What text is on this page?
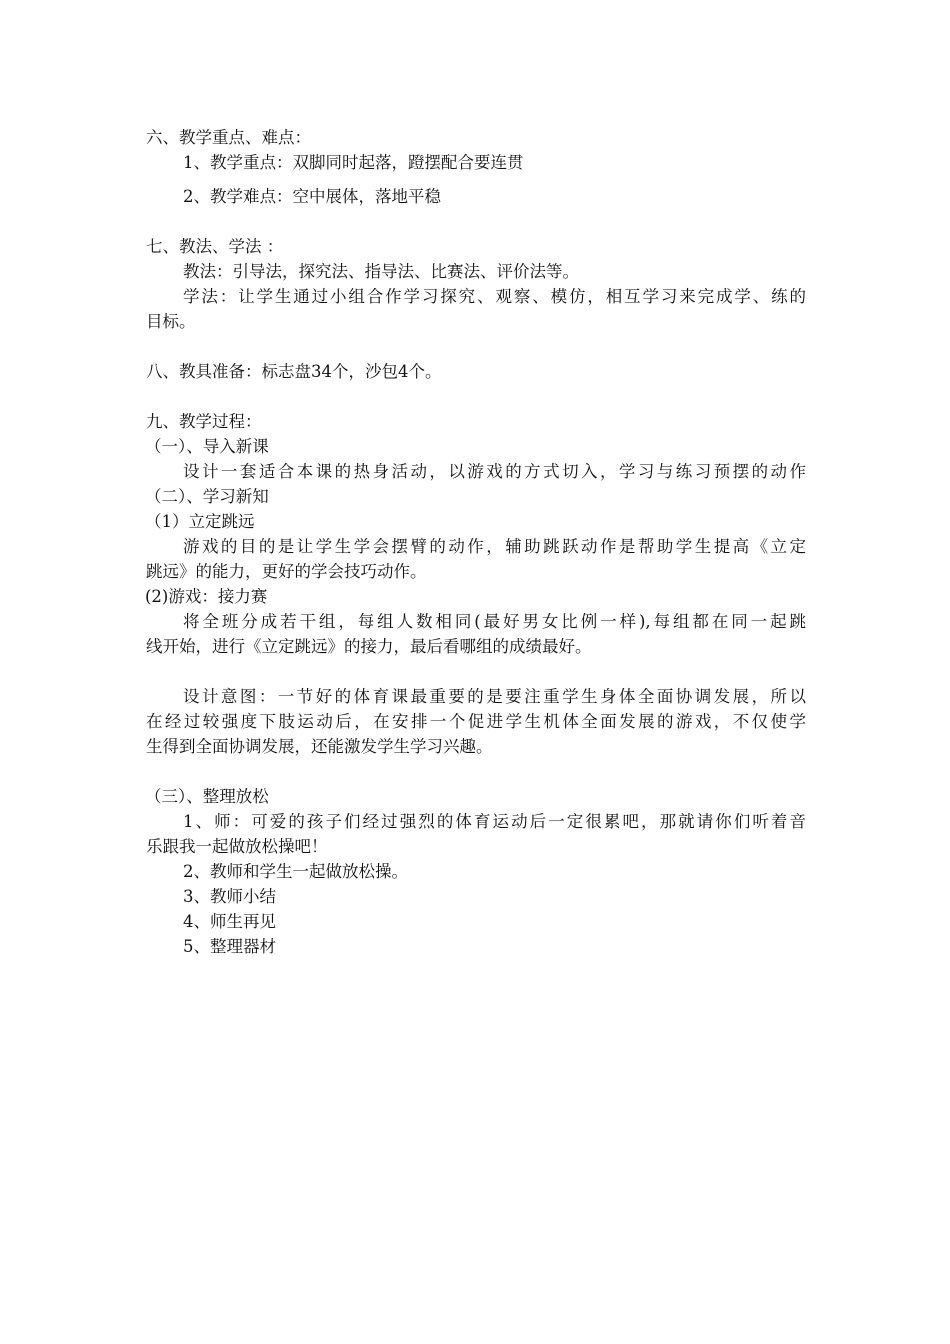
六、教学重点、难点：
1、教学重点：双脚同时起落，蹬摆配合要连贯
2、教学难点：空中展体，落地平稳
七、教法、学法 ：
教法：引导法，探究法、指导法、比赛法、评价法等。
学法：让学生通过小组合作学习探究、观察、模仿，相互学习来完成学、练的
目标。
八、教具准备：标志盘34个，沙包4个。
九、教学过程：
（一）、导入新课
设计一套适合本课的热身活动，以游戏的方式切入，学习与练习预摆的动作
（二）、学习新知
（1）立定跳远
游戏的目的是让学生学会摆臂的动作，辅助跳跃动作是帮助学生提高《立定
跳远》的能力，更好的学会技巧动作。
(2)游戏：接力赛
将全班分成若干组，每组人数相同(最好男女比例一样),每组都在同一起跳
线开始，进行《立定跳远》的接力，最后看哪组的成绩最好。
设计意图：一节好的体育课最重要的是要注重学生身体全面协调发展，所以
在经过较强度下肢运动后，在安排一个促进学生机体全面发展的游戏，不仅使学
生得到全面协调发展，还能激发学生学习兴趣。
（三）、整理放松
1、师：可爱的孩子们经过强烈的体育运动后一定很累吧，那就请你们听着音
乐跟我一起做放松操吧！
2、教师和学生一起做放松操。
3、教师小结
4、师生再见
5、整理器材
